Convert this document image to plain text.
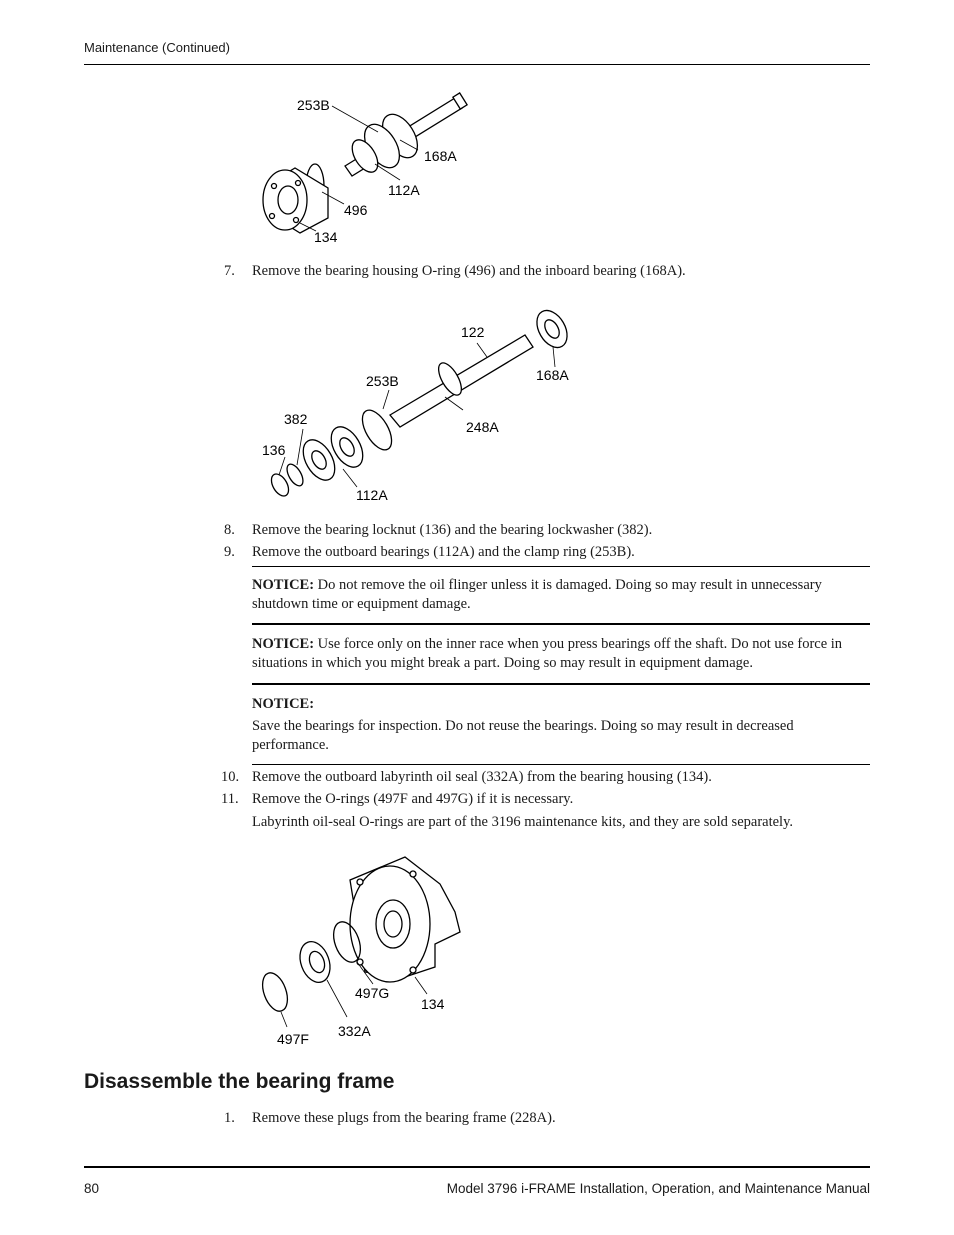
Maintenance (Continued)
253B
168A
112A
496
134
7.	Remove the bearing housing O-ring (496) and the inboard bearing (168A).
122
168A
253B
382	248A
136
112A
8.	Remove the bearing locknut (136) and the bearing lockwasher (382).
9.	Remove the outboard bearings (112A) and the clamp ring (253B).
NOTICE: Do not remove the oil flinger unless it is damaged. Doing so may result in unnecessary shutdown time or equipment damage.
NOTICE: Use force only on the inner race when you press bearings off the shaft. Do not use force in situations in which you might break a part. Doing so may result in equipment damage.
NOTICE:
Save the bearings for inspection. Do not reuse the bearings. Doing so may result in decreased performance.
10. Remove the outboard labyrinth oil seal (332A) from the bearing housing (134).
11. Remove the O-rings (497F and 497G) if it is necessary.
Labyrinth oil-seal O-rings are part of the 3196 maintenance kits, and they are sold separately.
497G
134
497F 332A
Disassemble the bearing frame
1.	Remove these plugs from the bearing frame (228A).
80	Model 3796 i-FRAME Installation, Operation, and Maintenance Manual
